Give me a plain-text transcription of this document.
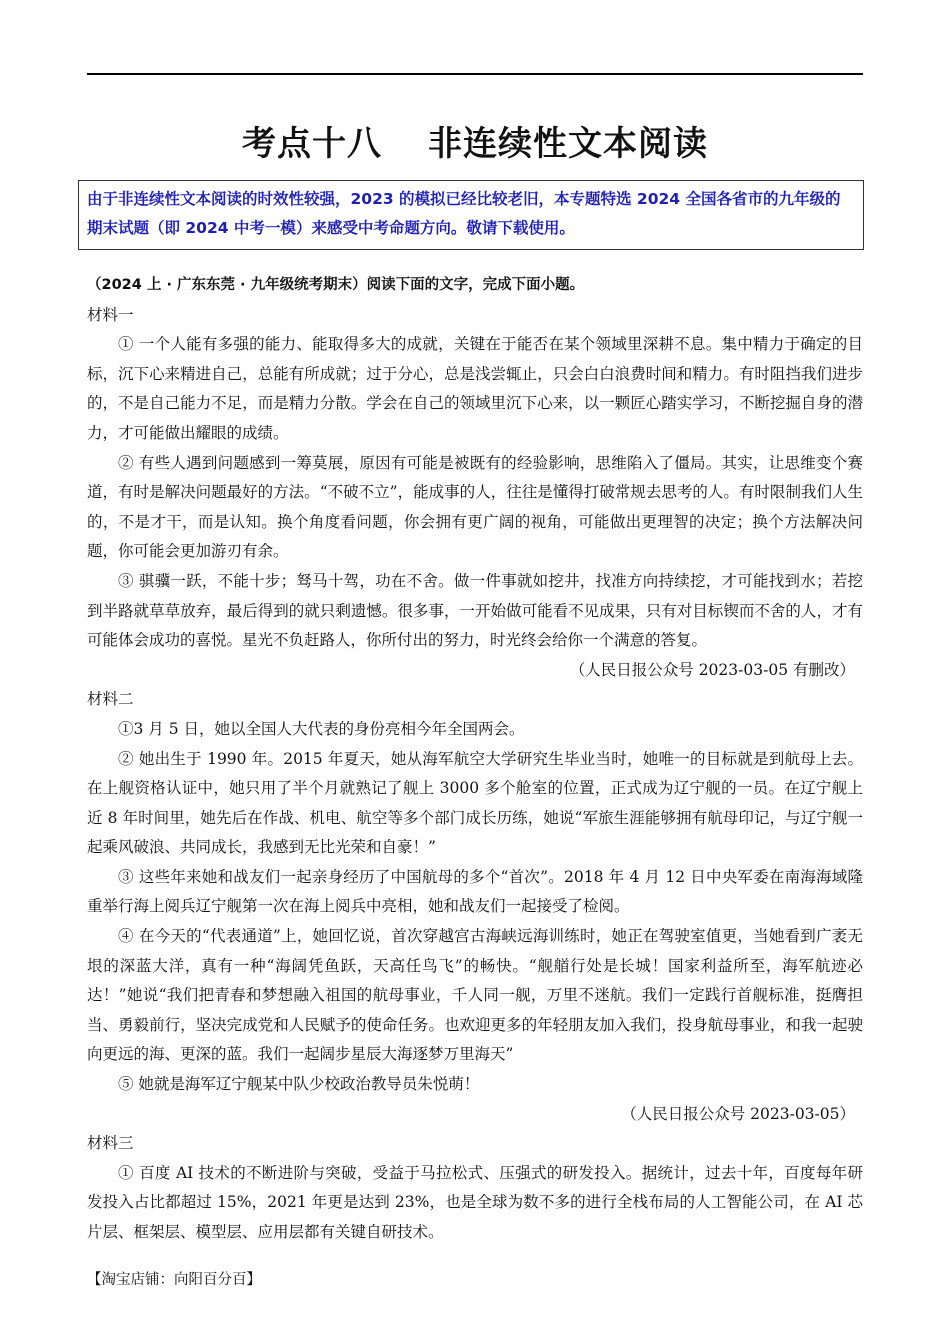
考点十八 非连续性文本阅读
由于非连续性文本阅读的时效性较强，2023 的模拟已经比较老旧，本专题特选 2024 全国各省市的九年级的期末试题（即 2024 中考一模）来感受中考命题方向。敬请下载使用。

（2024 上 · 广东东莞 · 九年级统考期末）阅读下面的文字，完成下面小题。

材料一

① 一个人能有多强的能力、能取得多大的成就，关键在于能否在某个领域里深耕不息。集中精力于确定的目标，沉下心来精进自己，总能有所成就；过于分心，总是浅尝辄止，只会白白浪费时间和精力。有时阻挡我们进步的，不是自己能力不足，而是精力分散。学会在自己的领域里沉下心来，以一颗匠心踏实学习，不断挖掘自身的潜力，才可能做出耀眼的成绩。

② 有些人遇到问题感到一筹莫展，原因有可能是被既有的经验影响，思维陷入了僵局。其实，让思维变个赛道，有时是解决问题最好的方法。“不破不立”，能成事的人，往往是懂得打破常规去思考的人。有时限制我们人生的，不是才干，而是认知。换个角度看问题，你会拥有更广阔的视角，可能做出更理智的决定；换个方法解决问题，你可能会更加游刃有余。

③ 骐骥一跃，不能十步；驽马十驾，功在不舍。做一件事就如挖井，找准方向持续挖，才可能找到水；若挖到半路就草草放弃，最后得到的就只剩遗憾。很多事，一开始做可能看不见成果，只有对目标锲而不舍的人，才有可能体会成功的喜悦。星光不负赶路人，你所付出的努力，时光终会给你一个满意的答复。

（人民日报公众号 2023-03-05 有删改）

材料二

①3 月 5 日，她以全国人大代表的身份亮相今年全国两会。

② 她出生于 1990 年。2015 年夏天，她从海军航空大学研究生毕业当时，她唯一的目标就是到航母上去。在上舰资格认证中，她只用了半个月就熟记了舰上 3000 多个舱室的位置，正式成为辽宁舰的一员。在辽宁舰上近 8 年时间里，她先后在作战、机电、航空等多个部门成长历练，她说“军旅生涯能够拥有航母印记，与辽宁舰一起乘风破浪、共同成长，我感到无比光荣和自豪！”

③ 这些年来她和战友们一起亲身经历了中国航母的多个“首次”。2018 年 4 月 12 日中央军委在南海海域隆重举行海上阅兵辽宁舰第一次在海上阅兵中亮相，她和战友们一起接受了检阅。

④ 在今天的“代表通道”上，她回忆说，首次穿越宫古海峡远海训练时，她正在驾驶室值更，当她看到广袤无垠的深蓝大洋，真有一种“海阔凭鱼跃，天高任鸟飞”的畅快。“舰艏行处是长城！国家利益所至，海军航迹必达！”她说“我们把青春和梦想融入祖国的航母事业，千人同一舰，万里不迷航。我们一定践行首舰标准，挺膺担当、勇毅前行，坚决完成党和人民赋予的使命任务。也欢迎更多的年轻朋友加入我们，投身航母事业，和我一起驶向更远的海、更深的蓝。我们一起阔步星辰大海逐梦万里海天”

⑤ 她就是海军辽宁舰某中队少校政治教导员朱悦萌！

（人民日报公众号 2023-03-05）

材料三

① 百度 AI 技术的不断进阶与突破，受益于马拉松式、压强式的研发投入。据统计，过去十年，百度每年研发投入占比都超过 15%，2021 年更是达到 23%，也是全球为数不多的进行全栈布局的人工智能公司，在 AI 芯片层、框架层、模型层、应用层都有关键自研技术。

【淘宝店铺：向阳百分百】
